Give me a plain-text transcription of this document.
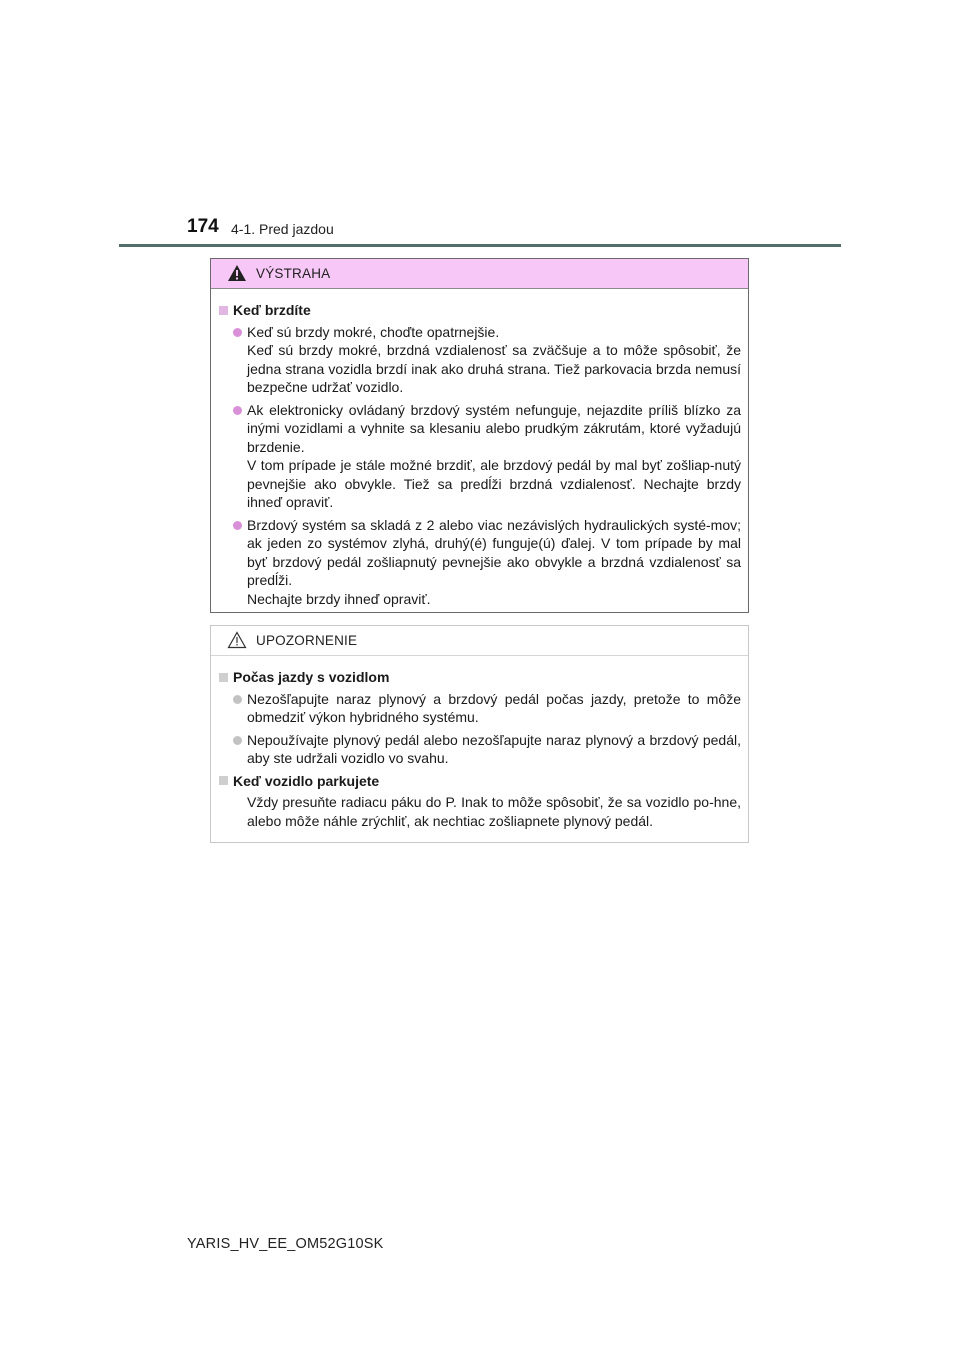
174 4-1. Pred jazdou
VÝSTRAHA
Keď brzdíte

Keď sú brzdy mokré, choďte opatrnejšie.

Keď sú brzdy mokré, brzdná vzdialenosť sa zväčšuje a to môže spôsobiť, že jedna strana vozidla brzdí inak ako druhá strana. Tiež parkovacia brzda nemusí bezpečne udržať vozidlo.

Ak elektronicky ovládaný brzdový systém nefunguje, nejazdite príliš blízko za inými vozidlami a vyhnite sa klesaniu alebo prudkým zákrutám, ktoré vyžadujú brzdenie.

V tom prípade je stále možné brzdiť, ale brzdový pedál by mal byť zošliap-nutý pevnejšie ako obvykle. Tiež sa predĺži brzdná vzdialenosť. Nechajte brzdy ihneď opraviť.

Brzdový systém sa skladá z 2 alebo viac nezávislých hydraulických systé-mov; ak jeden zo systémov zlyhá, druhý(é) funguje(ú) ďalej. V tom prípade by mal byť brzdový pedál zošliapnutý pevnejšie ako obvykle a brzdná vzdialenosť sa predĺži.

Nechajte brzdy ihneď opraviť.

UPOZORNENIE
Počas jazdy s vozidlom

Nezošľapujte naraz plynový a brzdový pedál počas jazdy, pretože to môže obmedziť výkon hybridného systému.

Nepoužívajte plynový pedál alebo nezošľapujte naraz plynový a brzdový pedál, aby ste udržali vozidlo vo svahu.

Keď vozidlo parkujete

Vždy presuňte radiacu páku do P. Inak to môže spôsobiť, že sa vozidlo po-hne, alebo môže náhle zrýchliť, ak nechtiac zošliapnete plynový pedál.

YARIS_HV_EE_OM52G10SK
